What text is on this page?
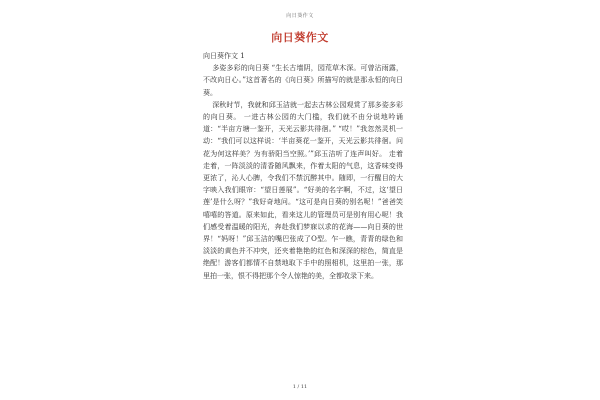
向日葵作文
向日葵作文

向日葵作文 1

多姿多彩的向日葵 “生长古墙阴，园荒草木深。可曾沾雨露，不改向日心。”这首著名的《向日葵》所描写的就是那永恒的向日葵。

深秋时节，我就和邱玉洁就一起去古林公园观赏了那多姿多彩的向日葵。 一进古林公园的大门槛，我们就不由分说地吟诵道：“半亩方塘一鉴开，天光云影共徘徊。” “哎！”我忽然灵机一动：“我们可以这样说：‘半亩葵花一鉴开，天光云影共徘徊。问花为何这样美？为有骄阳当空照。’”邱玉洁听了连声叫好。 走着走着，一阵淡淡的清香随风飘来，作着太阳的气息，这香味变得更浓了，沁人心脾，令我们不禁沉醉其中。随即，一行醒目的大字映入我们眼帘：“望日莲展”。“好美的名字啊，不过，这‘望日莲’是什么呀？”我好奇地问。“这可是向日葵的别名呢！”爸爸笑嘻嘻的答道。原来如此，看来这儿的管理员可是别有用心呢！我们感受着温暖的阳光，奔赴我们梦寐以求的花海——向日葵的世界！“妈呀！”邱玉洁的嘴巴张成了O型。乍一瞧，青青的绿色和淡淡的黄色并不冲突，还夹着艳艳的红色和深深的棕色，简直是绝配！游客们都情不自禁地取下手中的照相机，这里拍一张，那里拍一张，恨不得把那个令人惊艳的美，全都收录下来。

1 / 11
